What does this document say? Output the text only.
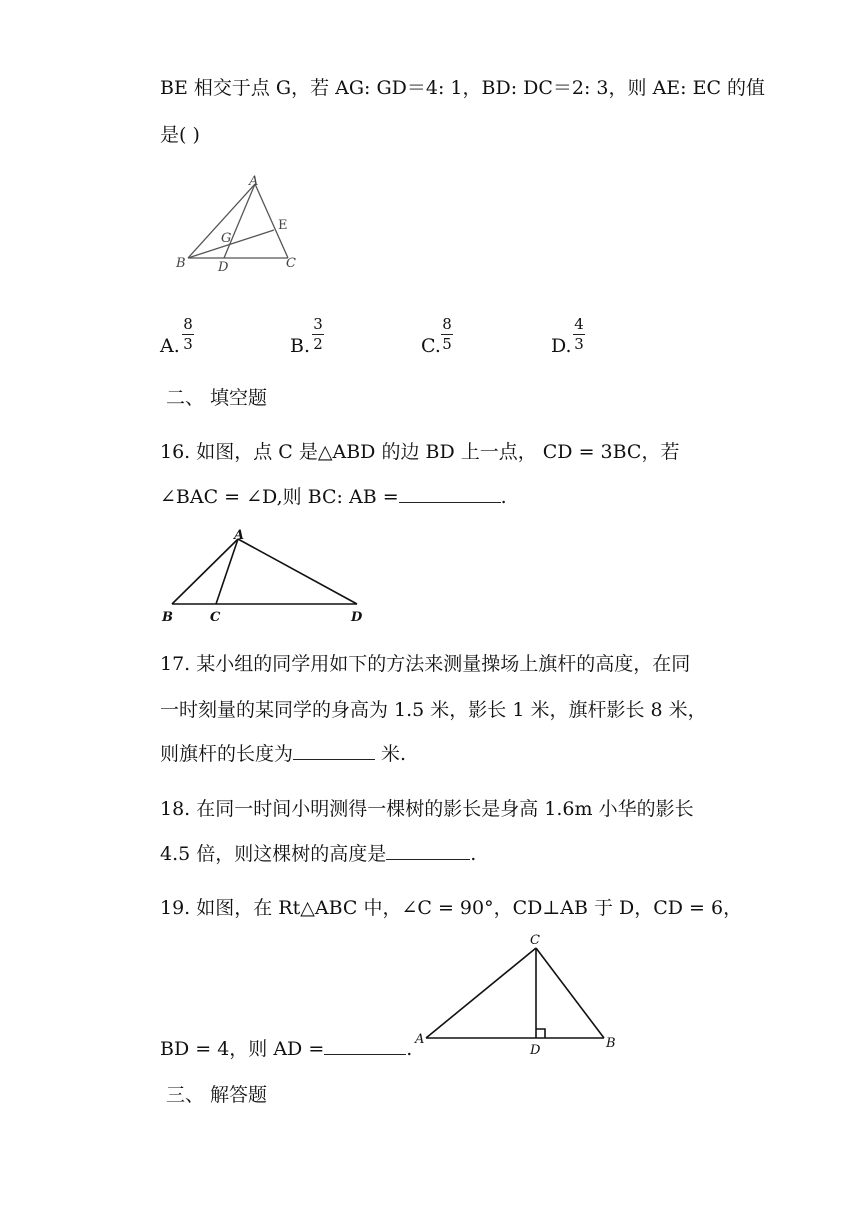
BE 相交于点 G，若 AG: GD＝4: 1，BD: DC＝2: 3，则 AE: EC 的值
是( )
A
B	C
D
E
G
A.
8
3	B.
3
2	C.
8
5	D.
4
3
二、 填空题
16. 如图，点 C 是△ABD 的边 BD 上一点， CD = 3BC，若
∠BAC = ∠D,则 BC: AB =	.
A
B	C	D
17. 某小组的同学用如下的方法来测量操场上旗杆的高度，在同
一时刻量的某同学的身高为 1.5 米，影长 1 米，旗杆影长 8 米，
则旗杆的长度为	米.
18. 在同一时间小明测得一棵树的影长是身高 1.6m 小华的影长
4.5 倍，则这棵树的高度是	.
19. 如图，在 Rt△ABC 中，∠C = 90°，CD⊥AB 于 D，CD = 6，
C
A
D	B
BD = 4，则 AD =	.
三、 解答题
